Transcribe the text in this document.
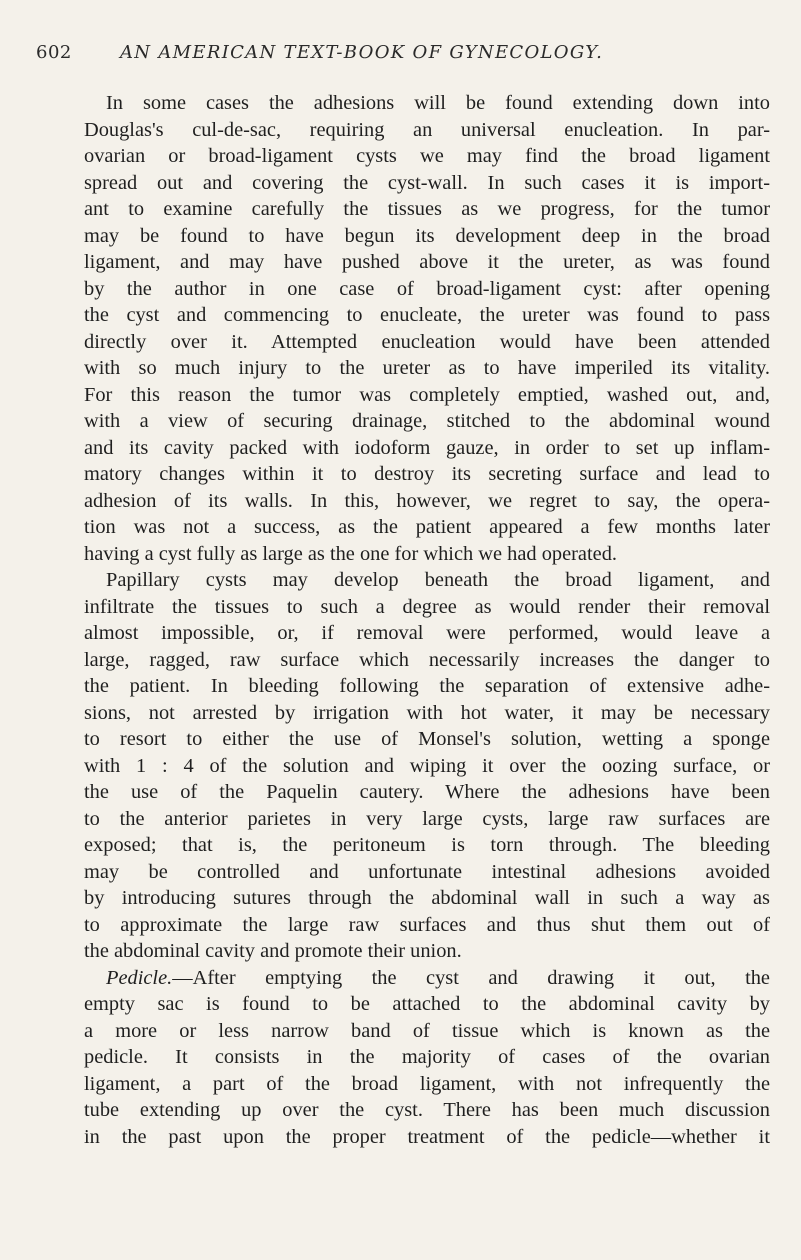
602	AN AMERICAN TEXT-BOOK OF GYNECOLOGY.
In some cases the adhesions will be found extending down into
Douglas's cul-de-sac, requiring an universal enucleation. In par-
ovarian or broad-ligament cysts we may find the broad ligament
spread out and covering the cyst-wall. In such cases it is import-
ant to examine carefully the tissues as we progress, for the tumor
may be found to have begun its development deep in the broad
ligament, and may have pushed above it the ureter, as was found
by the author in one case of broad-ligament cyst: after opening
the cyst and commencing to enucleate, the ureter was found to pass
directly over it. Attempted enucleation would have been attended
with so much injury to the ureter as to have imperiled its vitality.
For this reason the tumor was completely emptied, washed out, and,
with a view of securing drainage, stitched to the abdominal wound
and its cavity packed with iodoform gauze, in order to set up inflam-
matory changes within it to destroy its secreting surface and lead to
adhesion of its walls. In this, however, we regret to say, the opera-
tion was not a success, as the patient appeared a few months later
having a cyst fully as large as the one for which we had operated.
Papillary cysts may develop beneath the broad ligament, and
infiltrate the tissues to such a degree as would render their removal
almost impossible, or, if removal were performed, would leave a
large, ragged, raw surface which necessarily increases the danger to
the patient. In bleeding following the separation of extensive adhe-
sions, not arrested by irrigation with hot water, it may be necessary
to resort to either the use of Monsel's solution, wetting a sponge
with 1 : 4 of the solution and wiping it over the oozing surface, or
the use of the Paquelin cautery. Where the adhesions have been
to the anterior parietes in very large cysts, large raw surfaces are
exposed; that is, the peritoneum is torn through. The bleeding
may be controlled and unfortunate intestinal adhesions avoided
by introducing sutures through the abdominal wall in such a way as
to approximate the large raw surfaces and thus shut them out of
the abdominal cavity and promote their union.
Pedicle.—After emptying the cyst and drawing it out, the
empty sac is found to be attached to the abdominal cavity by
a more or less narrow band of tissue which is known as the
pedicle. It consists in the majority of cases of the ovarian
ligament, a part of the broad ligament, with not infrequently the
tube extending up over the cyst. There has been much discussion
in the past upon the proper treatment of the pedicle—whether it
